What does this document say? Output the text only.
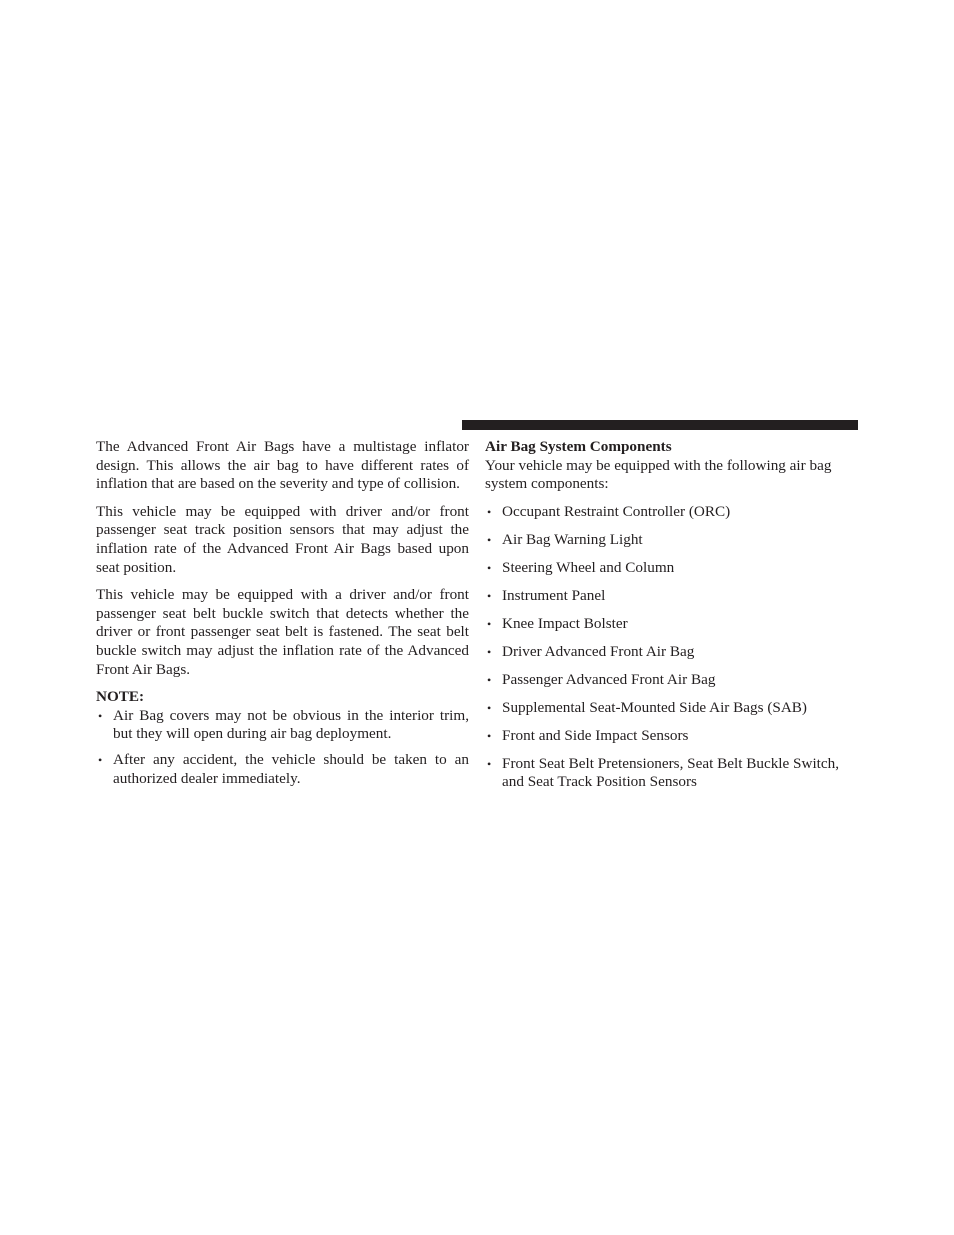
The Advanced Front Air Bags have a multistage inflator design. This allows the air bag to have different rates of inflation that are based on the severity and type of collision.

This vehicle may be equipped with driver and/or front passenger seat track position sensors that may adjust the inflation rate of the Advanced Front Air Bags based upon seat position.

This vehicle may be equipped with a driver and/or front passenger seat belt buckle switch that detects whether the driver or front passenger seat belt is fastened. The seat belt buckle switch may adjust the inflation rate of the Advanced Front Air Bags.

NOTE:
• Air Bag covers may not be obvious in the interior trim, but they will open during air bag deployment.
• After any accident, the vehicle should be taken to an authorized dealer immediately.
Air Bag System Components

Your vehicle may be equipped with the following air bag system components:

• Occupant Restraint Controller (ORC)
• Air Bag Warning Light
• Steering Wheel and Column
• Instrument Panel
• Knee Impact Bolster
• Driver Advanced Front Air Bag
• Passenger Advanced Front Air Bag
• Supplemental Seat-Mounted Side Air Bags (SAB)
• Front and Side Impact Sensors
• Front Seat Belt Pretensioners, Seat Belt Buckle Switch, and Seat Track Position Sensors
